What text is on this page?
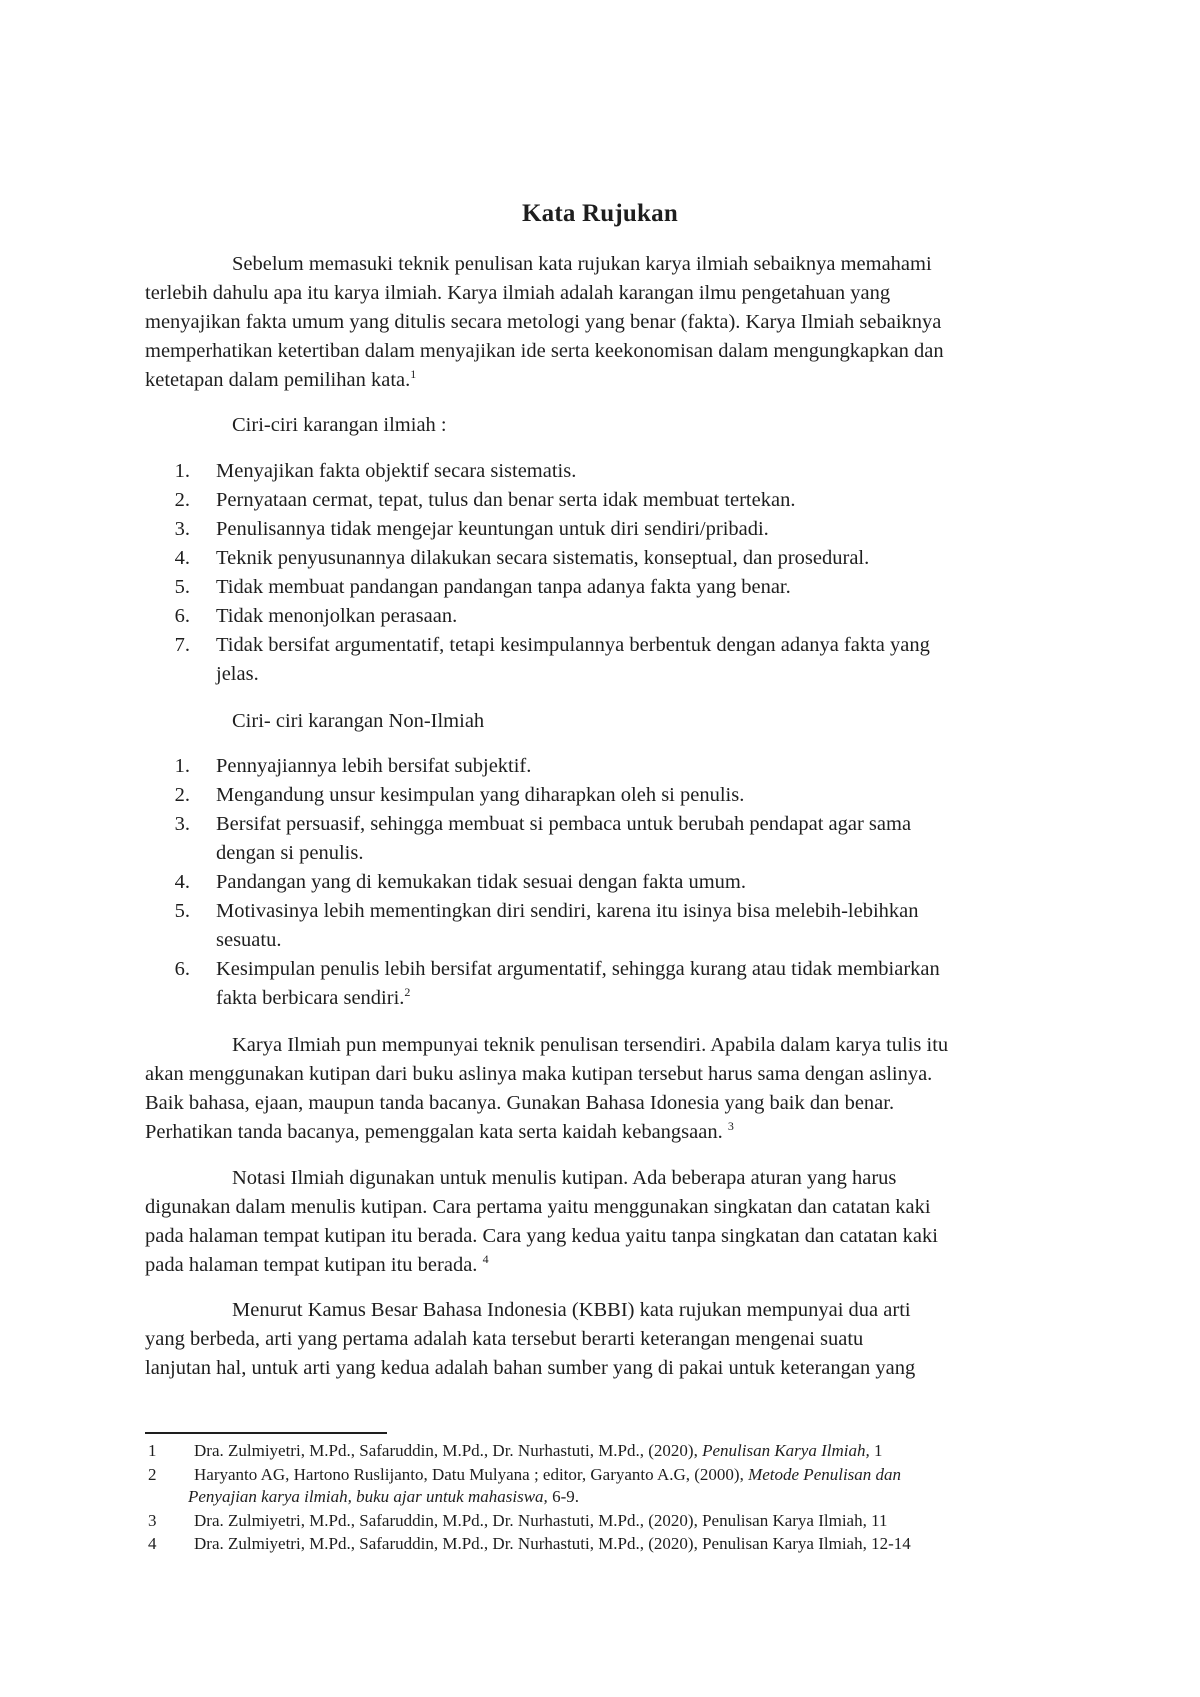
Kata Rujukan
Sebelum memasuki teknik penulisan kata rujukan karya ilmiah sebaiknya memahami
terlebih dahulu apa itu karya ilmiah. Karya ilmiah adalah karangan ilmu pengetahuan yang
menyajikan fakta umum yang ditulis secara metologi yang benar (fakta). Karya Ilmiah sebaiknya
memperhatikan ketertiban dalam menyajikan ide serta keekonomisan dalam mengungkapkan dan
ketetapan dalam pemilihan kata.$^1$
Ciri-ciri karangan ilmiah :
1. Menyajikan fakta objektif secara sistematis.
2. Pernyataan cermat, tepat, tulus dan benar serta idak membuat tertekan.
3. Penulisannya tidak mengejar keuntungan untuk diri sendiri/pribadi.
4. Teknik penyusunannya dilakukan secara sistematis, konseptual, dan prosedural.
5. Tidak membuat pandangan pandangan tanpa adanya fakta yang benar.
6. Tidak menonjolkan perasaan.
7. Tidak bersifat argumentatif, tetapi kesimpulannya berbentuk dengan adanya fakta yang
jelas.
Ciri- ciri karangan Non-Ilmiah
1. Pennyajiannya lebih bersifat subjektif.
2. Mengandung unsur kesimpulan yang diharapkan oleh si penulis.
3. Bersifat persuasif, sehingga membuat si pembaca untuk berubah pendapat agar sama
dengan si penulis.
4. Pandangan yang di kemukakan tidak sesuai dengan fakta umum.
5. Motivasinya lebih mementingkan diri sendiri, karena itu isinya bisa melebih-lebihkan
sesuatu.
6. Kesimpulan penulis lebih bersifat argumentatif, sehingga kurang atau tidak membiarkan
fakta berbicara sendiri.$^2$
Karya Ilmiah pun mempunyai teknik penulisan tersendiri. Apabila dalam karya tulis itu
akan menggunakan kutipan dari buku aslinya maka kutipan tersebut harus sama dengan aslinya.
Baik bahasa, ejaan, maupun tanda bacanya. Gunakan Bahasa Idonesia yang baik dan benar.
Perhatikan tanda bacanya, pemenggalan kata serta kaidah kebangsaan. $^3$
Notasi Ilmiah digunakan untuk menulis kutipan. Ada beberapa aturan yang harus
digunakan dalam menulis kutipan. Cara pertama yaitu menggunakan singkatan dan catatan kaki
pada halaman tempat kutipan itu berada. Cara yang kedua yaitu tanpa singkatan dan catatan kaki
pada halaman tempat kutipan itu berada. $^4$
Menurut Kamus Besar Bahasa Indonesia (KBBI) kata rujukan mempunyai dua arti
yang berbeda, arti yang pertama adalah kata tersebut berarti keterangan mengenai suatu
lanjutan hal, untuk arti yang kedua adalah bahan sumber yang di pakai untuk keterangan yang
1 Dra. Zulmiyetri, M.Pd., Safaruddin, M.Pd., Dr. Nurhastuti, M.Pd., (2020), Penulisan Karya Ilmiah, 1
2 Haryanto AG, Hartono Ruslijanto, Datu Mulyana ; editor, Garyanto A.G, (2000), Metode Penulisan dan
Penyajian karya ilmiah, buku ajar untuk mahasiswa, 6-9.
3 Dra. Zulmiyetri, M.Pd., Safaruddin, M.Pd., Dr. Nurhastuti, M.Pd., (2020), Penulisan Karya Ilmiah, 11
4 Dra. Zulmiyetri, M.Pd., Safaruddin, M.Pd., Dr. Nurhastuti, M.Pd., (2020), Penulisan Karya Ilmiah, 12-14
